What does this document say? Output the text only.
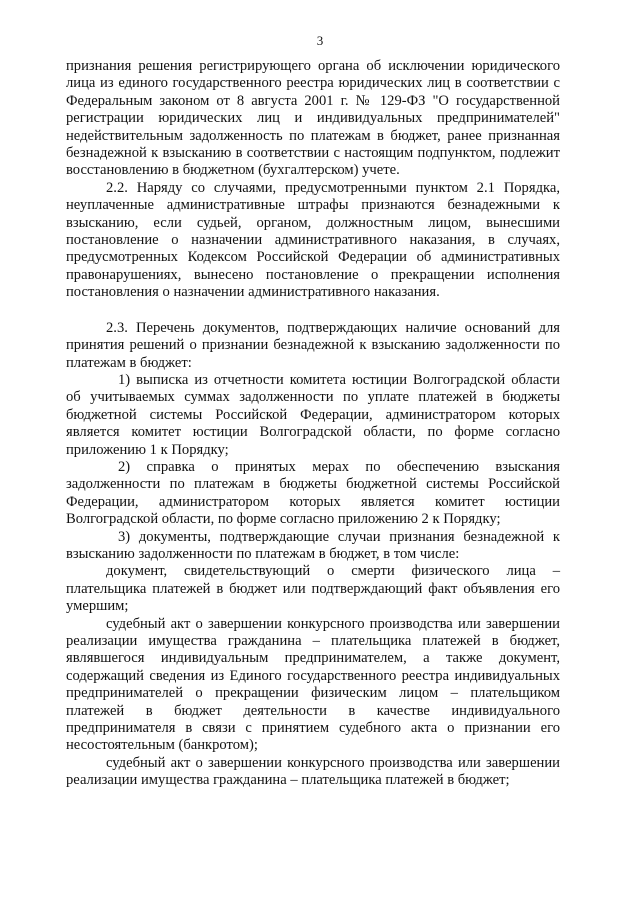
3

признания решения регистрирующего органа об исключении юридического лица из единого государственного реестра юридических лиц в соответствии с Федеральным законом от 8 августа 2001 г. № 129-ФЗ "О государственной регистрации юридических лиц и индивидуальных предпринимателей" недействительным задолженность по платежам в бюджет, ранее признанная безнадежной к взысканию в соответствии с настоящим подпунктом, подлежит восстановлению в бюджетном (бухгалтерском) учете.

2.2. Наряду со случаями, предусмотренными пунктом 2.1 Порядка, неуплаченные административные штрафы признаются безнадежными к взысканию, если судьей, органом, должностным лицом, вынесшими постановление о назначении административного наказания, в случаях, предусмотренных Кодексом Российской Федерации об административных правонарушениях, вынесено постановление о прекращении исполнения постановления о назначении административного наказания.

2.3. Перечень документов, подтверждающих наличие оснований для принятия решений о признании безнадежной к взысканию задолженности по платежам в бюджет:

1) выписка из отчетности комитета юстиции Волгоградской области об учитываемых суммах задолженности по уплате платежей в бюджеты бюджетной системы Российской Федерации, администратором которых является комитет юстиции Волгоградской области, по форме согласно приложению 1 к Порядку;

2) справка о принятых мерах по обеспечению взыскания задолженности по платежам в бюджеты бюджетной системы Российской Федерации, администратором которых является комитет юстиции Волгоградской области, по форме согласно приложению 2 к Порядку;

3) документы, подтверждающие случаи признания безнадежной к взысканию задолженности по платежам в бюджет, в том числе:

документ, свидетельствующий о смерти физического лица – плательщика платежей в бюджет или подтверждающий факт объявления его умершим;

судебный акт о завершении конкурсного производства или завершении реализации имущества гражданина – плательщика платежей в бюджет, являвшегося индивидуальным предпринимателем, а также документ, содержащий сведения из Единого государственного реестра индивидуальных предпринимателей о прекращении физическим лицом – плательщиком платежей в бюджет деятельности в качестве индивидуального предпринимателя в связи с принятием судебного акта о признании его несостоятельным (банкротом);

судебный акт о завершении конкурсного производства или завершении реализации имущества гражданина – плательщика платежей в бюджет;
